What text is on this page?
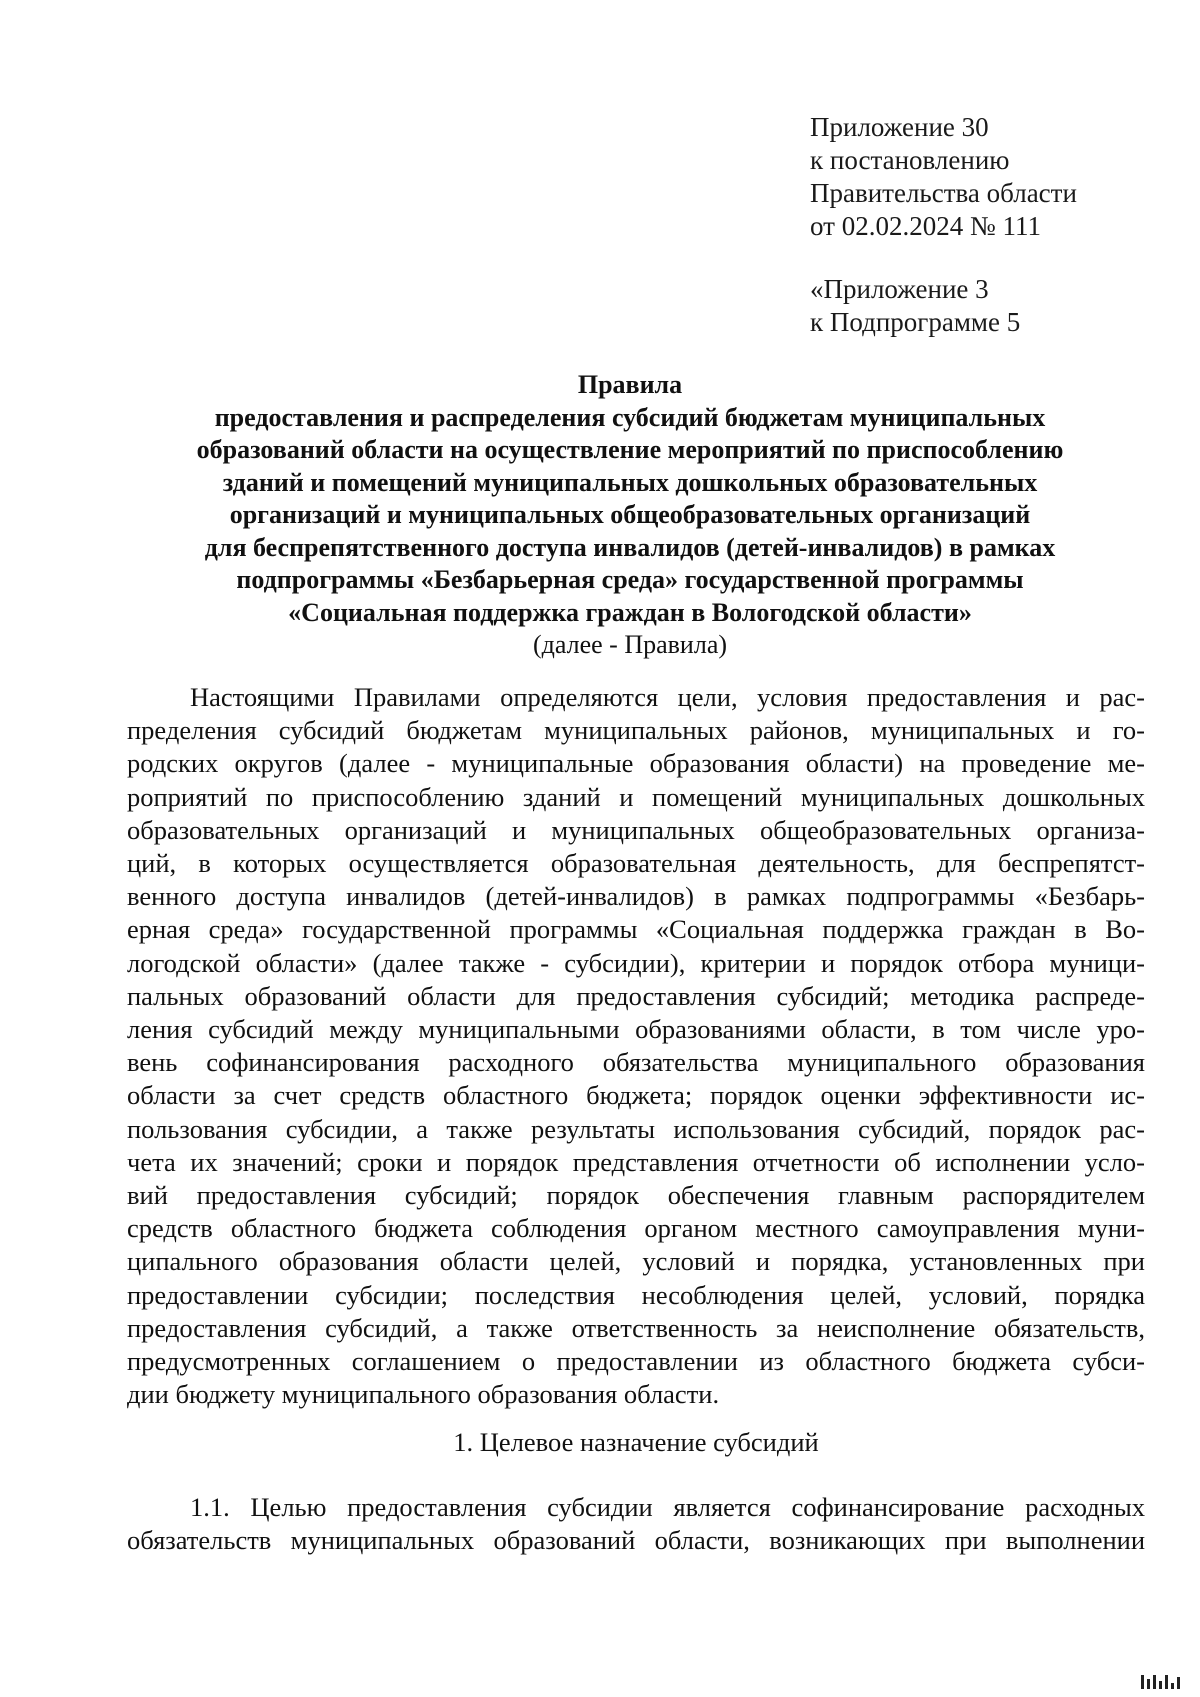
Приложение 30
к постановлению
Правительства области
от 02.02.2024 № 111
«Приложение 3
к Подпрограмме 5
Правила
предоставления и распределения субсидий бюджетам муниципальных
образований области на осуществление мероприятий по приспособлению
зданий и помещений муниципальных дошкольных образовательных
организаций и муниципальных общеобразовательных организаций
для беспрепятственного доступа инвалидов (детей-инвалидов) в рамках
подпрограммы «Безбарьерная среда» государственной программы
«Социальная поддержка граждан в Вологодской области»
(далее - Правила)
Настоящими Правилами определяются цели, условия предоставления и рас-
пределения субсидий бюджетам муниципальных районов, муниципальных и го-
родских округов (далее - муниципальные образования области) на проведение ме-
роприятий по приспособлению зданий и помещений муниципальных дошкольных
образовательных организаций и муниципальных общеобразовательных организа-
ций, в которых осуществляется образовательная деятельность, для беспрепятст-
венного доступа инвалидов (детей-инвалидов) в рамках подпрограммы «Безбарь-
ерная среда» государственной программы «Социальная поддержка граждан в Во-
логодской области» (далее также - субсидии), критерии и порядок отбора муници-
пальных образований области для предоставления субсидий; методика распреде-
ления субсидий между муниципальными образованиями области, в том числе уро-
вень софинансирования расходного обязательства муниципального образования
области за счет средств областного бюджета; порядок оценки эффективности ис-
пользования субсидии, а также результаты использования субсидий, порядок рас-
чета их значений; сроки и порядок представления отчетности об исполнении усло-
вий предоставления субсидий; порядок обеспечения главным распорядителем
средств областного бюджета соблюдения органом местного самоуправления муни-
ципального образования области целей, условий и порядка, установленных при
предоставлении субсидии; последствия несоблюдения целей, условий, порядка
предоставления субсидий, а также ответственность за неисполнение обязательств,
предусмотренных соглашением о предоставлении из областного бюджета субси-
дии бюджету муниципального образования области.
1. Целевое назначение субсидий
1.1. Целью предоставления субсидии является софинансирование расходных
обязательств муниципальных образований области, возникающих при выполнении
